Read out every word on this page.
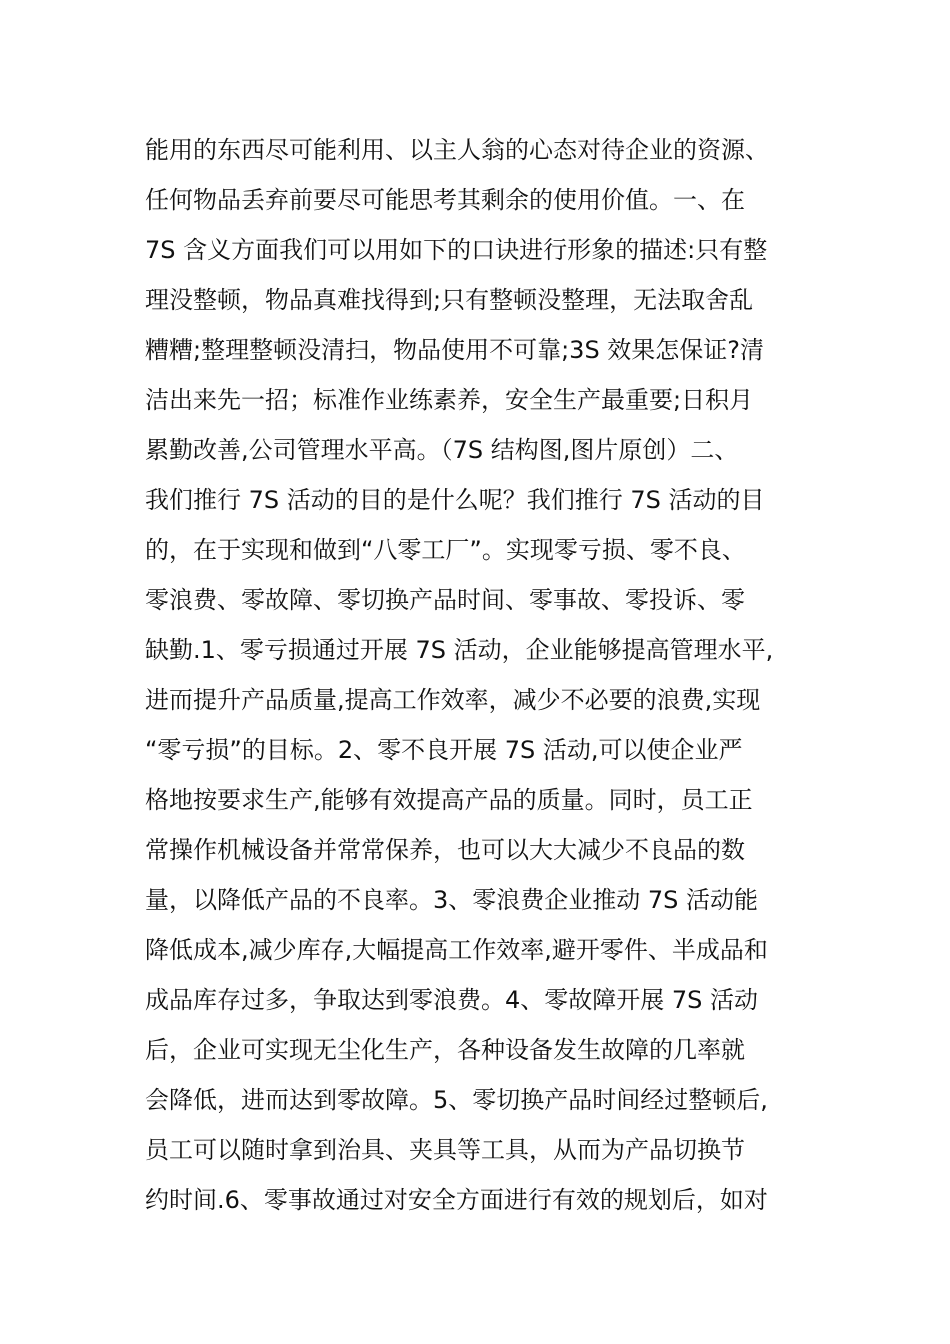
能用的东西尽可能利用、以主人翁的心态对待企业的资源、
任何物品丢弃前要尽可能思考其剩余的使用价值。一、在
7S 含义方面我们可以用如下的口诀进行形象的描述:只有整
理没整顿，物品真难找得到;只有整顿没整理，无法取舍乱
糟糟;整理整顿没清扫，物品使用不可靠;3S 效果怎保证?清
洁出来先一招；标准作业练素养，安全生产最重要;日积月
累勤改善,公司管理水平高。（7S 结构图,图片原创）二、
我们推行 7S 活动的目的是什么呢？我们推行 7S 活动的目
的，在于实现和做到“八零工厂”。实现零亏损、零不良、
零浪费、零故障、零切换产品时间、零事故、零投诉、零
缺勤.1、零亏损通过开展 7S 活动，企业能够提高管理水平,
进而提升产品质量,提高工作效率，减少不必要的浪费,实现
“零亏损”的目标。2、零不良开展 7S 活动,可以使企业严
格地按要求生产,能够有效提高产品的质量。同时，员工正
常操作机械设备并常常保养，也可以大大减少不良品的数
量，以降低产品的不良率。3、零浪费企业推动 7S 活动能
降低成本,减少库存,大幅提高工作效率,避开零件、半成品和
成品库存过多，争取达到零浪费。4、零故障开展 7S 活动
后，企业可实现无尘化生产，各种设备发生故障的几率就
会降低，进而达到零故障。5、零切换产品时间经过整顿后,
员工可以随时拿到治具、夹具等工具，从而为产品切换节
约时间.6、零事故通过对安全方面进行有效的规划后，如对
